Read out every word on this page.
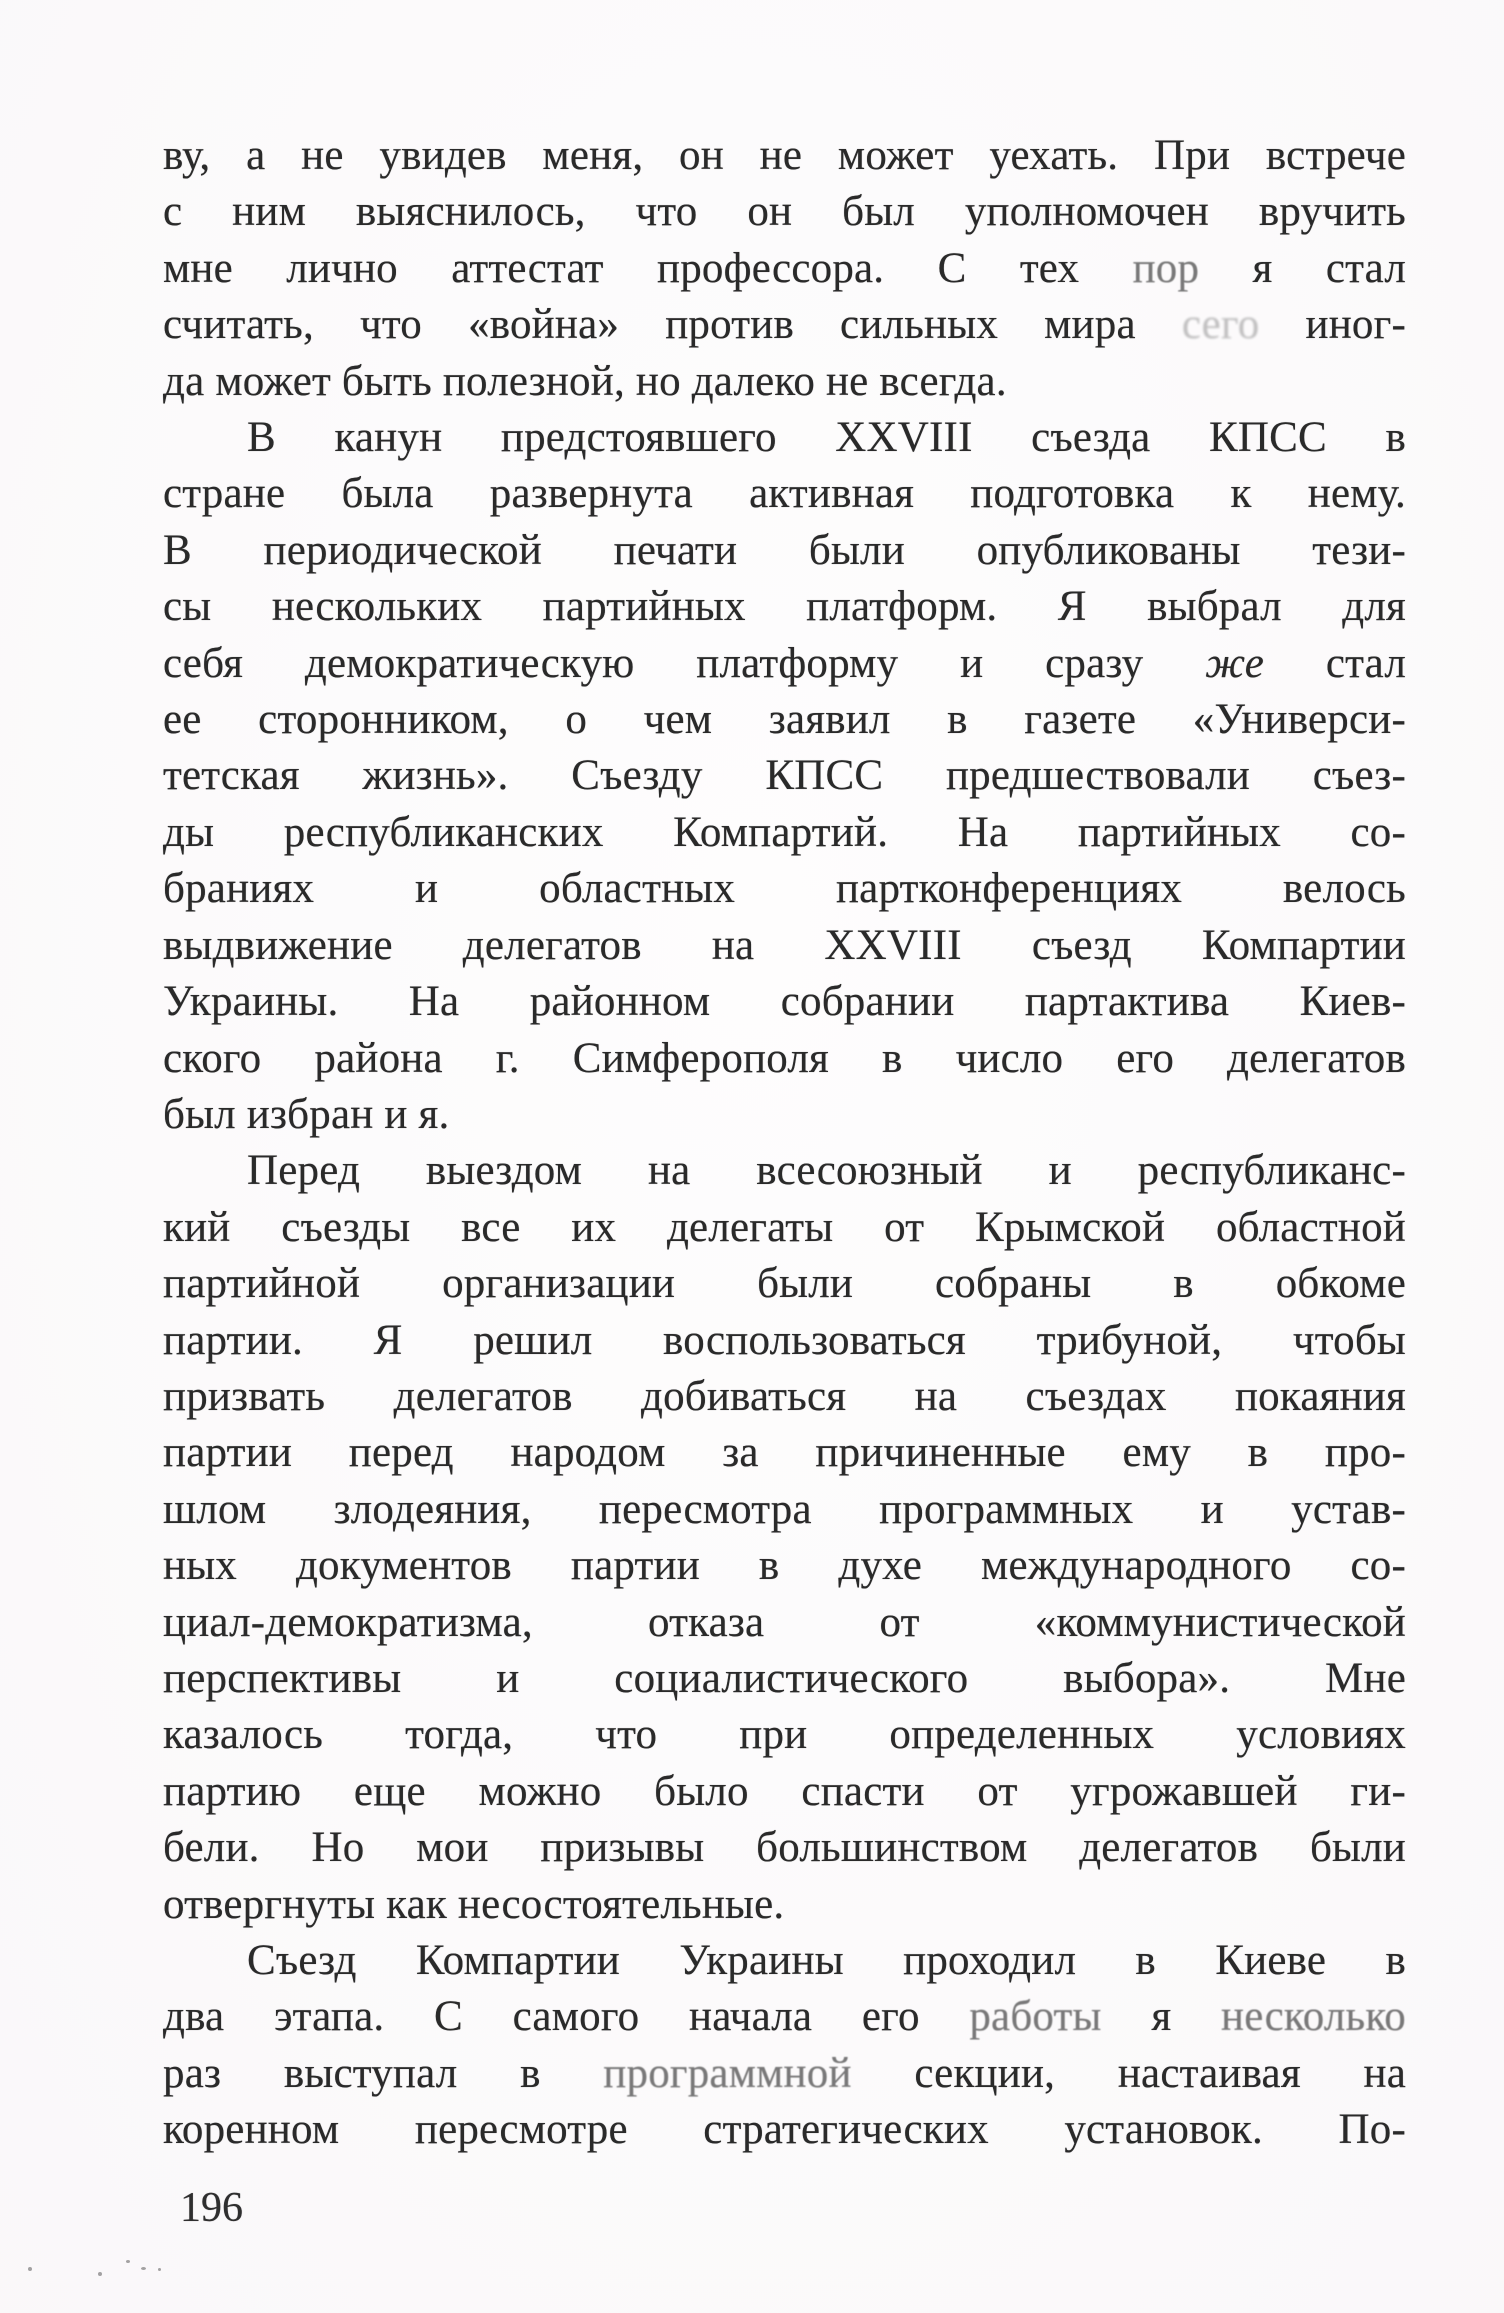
ву, а не увидев меня, он не может уехать. При встрече
с ним выяснилось, что он был уполномочен вручить
мне лично аттестат профессора. С тех пор я стал
считать, что «война» против сильных мира сего иног-
да может быть полезной, но далеко не всегда.
В канун предстоявшего XXVIII съезда КПСС в
стране была развернута активная подготовка к нему.
В периодической печати были опубликованы тези-
сы нескольких партийных платформ. Я выбрал для
себя демократическую платформу и сразу же стал
ее сторонником, о чем заявил в газете «Универси-
тетская жизнь». Съезду КПСС предшествовали съез-
ды республиканских Компартий. На партийных со-
браниях и областных партконференциях велось
выдвижение делегатов на XXVIII съезд Компартии
Украины. На районном собрании партактива Киев-
ского района г. Симферополя в число его делегатов
был избран и я.
Перед выездом на всесоюзный и республиканс-
кий съезды все их делегаты от Крымской областной
партийной организации были собраны в обкоме
партии. Я решил воспользоваться трибуной, чтобы
призвать делегатов добиваться на съездах покаяния
партии перед народом за причиненные ему в про-
шлом злодеяния, пересмотра программных и устав-
ных документов партии в духе международного со-
циал-демократизма, отказа от «коммунистической
перспективы и социалистического выбора». Мне
казалось тогда, что при определенных условиях
партию еще можно было спасти от угрожавшей ги-
бели. Но мои призывы большинством делегатов были
отвергнуты как несостоятельные.
Съезд Компартии Украины проходил в Киеве в
два этапа. С самого начала его работы я несколько
раз выступал в программной секции, настаивая на
коренном пересмотре стратегических установок. По-
196
